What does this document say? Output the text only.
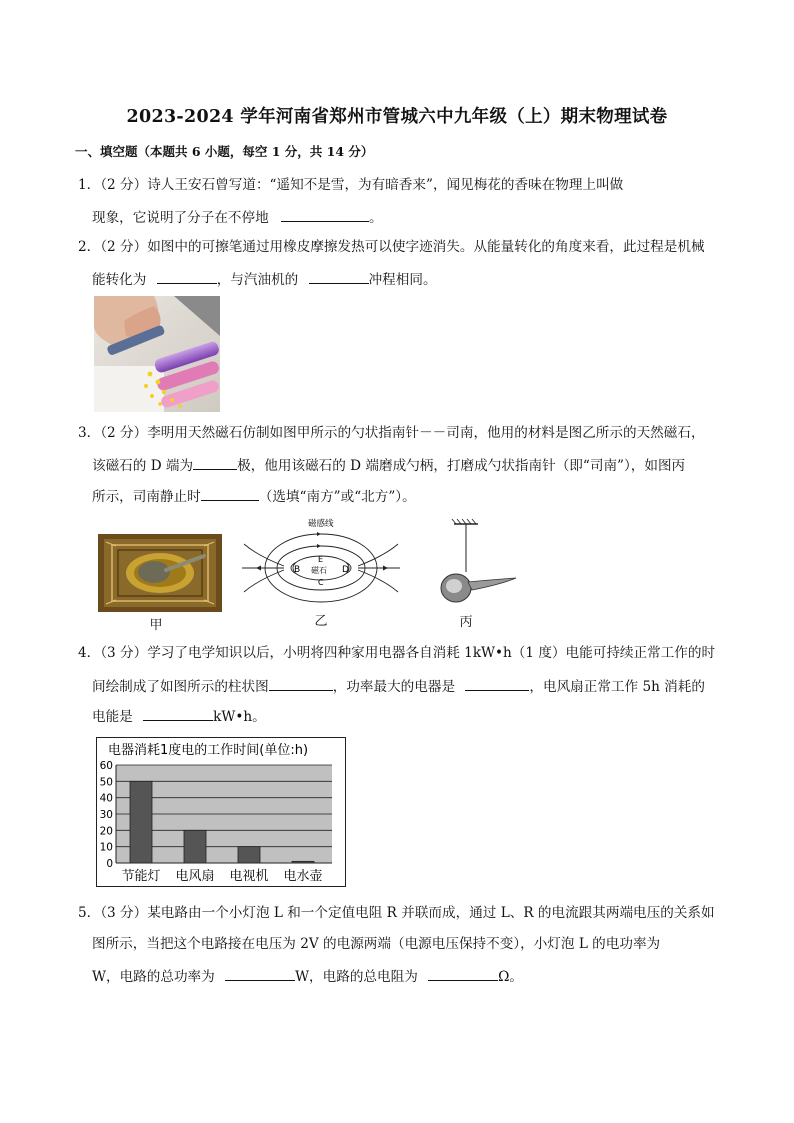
2023-2024 学年河南省郑州市管城六中九年级（上）期末物理试卷
一、填空题（本题共 6 小题，每空 1 分，共 14 分）
1．（2 分）诗人王安石曾写道：“遥知不是雪，为有暗香来”，闻见梅花的香味在物理上叫做
现象，它说明了分子在不停地	。
2．（2 分）如图中的可擦笔通过用橡皮摩擦发热可以使字迹消失。从能量转化的角度来看，此过程是机械
能转化为	，与汽油机的	冲程相同。
3．（2 分）李明用天然磁石仿制如图甲所示的勺状指南针－－司南，他用的材料是图乙所示的天然磁石，
该磁石的 D 端为	极，他用该磁石的 D 端磨成勺柄，打磨成勺状指南针（即“司南”），如图丙
所示，司南静止时	（选填“南方”或“北方”）。
甲
磁感线
B	D
E
C
磁石
乙	丙
4．（3 分）学习了电学知识以后，小明将四种家用电器各自消耗 1kW•h（1 度）电能可持续正常工作的时
间绘制成了如图所示的柱状图	，功率最大的电器是	，电风扇正常工作 5h 消耗的
电能是	kW•h。
电器消耗1度电的工作时间(单位:h)
0
10
20
30
40
50
60
节能灯 电风扇 电视机 电水壶
5．（3 分）某电路由一个小灯泡 L 和一个定值电阻 R 并联而成，通过 L、R 的电流跟其两端电压的关系如
图所示，当把这个电路接在电压为 2V 的电源两端（电源电压保持不变），小灯泡 L 的电功率为
W，电路的总功率为	W，电路的总电阻为	Ω。
